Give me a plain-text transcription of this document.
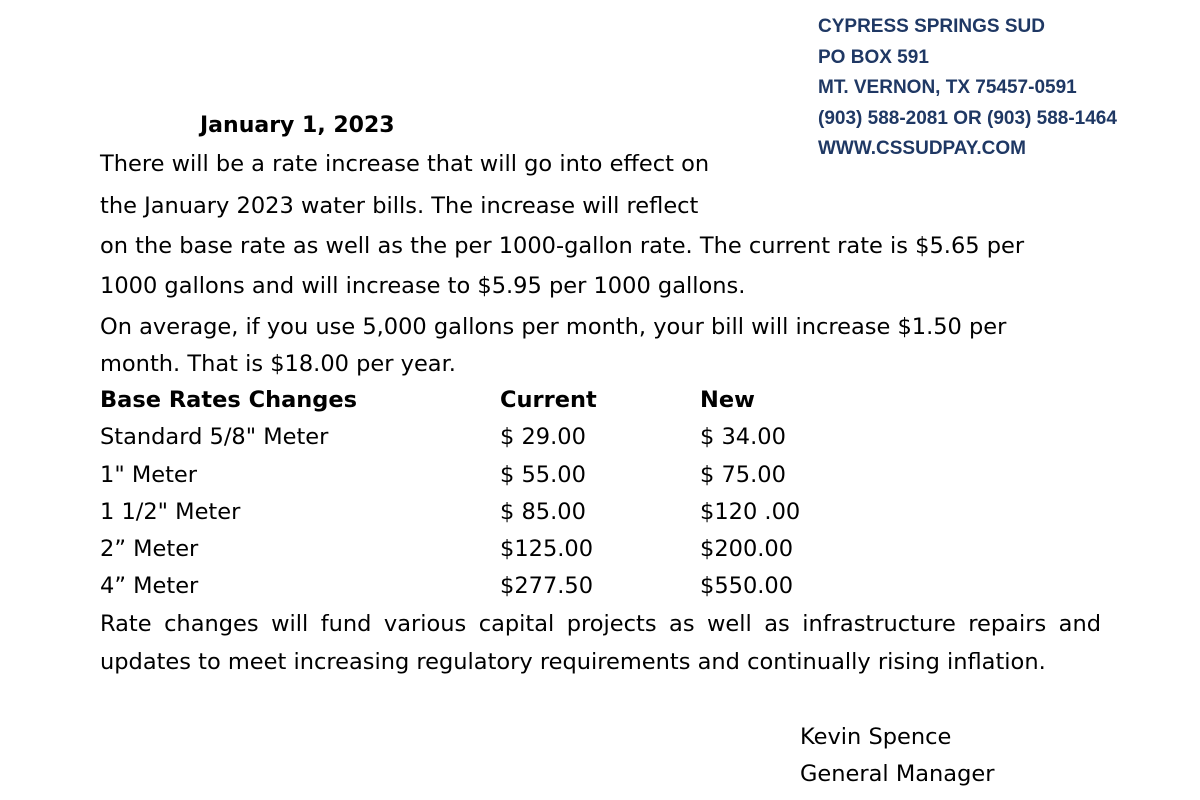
CYPRESS SPRINGS SUD
PO BOX 591
MT. VERNON, TX 75457-0591
(903) 588-2081 OR (903) 588-1464
WWW.CSSUDPAY.COM
January 1, 2023
There will be a rate increase that will go into effect on
the January 2023 water bills. The increase will reflect
on the base rate as well as the per 1000-gallon rate. The current rate is $5.65 per
1000 gallons and will increase to $5.95 per 1000 gallons.
On average, if you use 5,000 gallons per month, your bill will increase $1.50 per
month. That is $18.00 per year.
Base Rates Changes	Current	New
Standard 5/8" Meter	$ 29.00	$ 34.00
1" Meter	$ 55.00	$ 75.00
1 1/2" Meter	$ 85.00	$120 .00
2” Meter	$125.00	$200.00
4” Meter	$277.50	$550.00
Rate changes will fund various capital projects as well as infrastructure repairs and updates to meet increasing regulatory requirements and continually rising inflation.
Kevin Spence
General Manager
